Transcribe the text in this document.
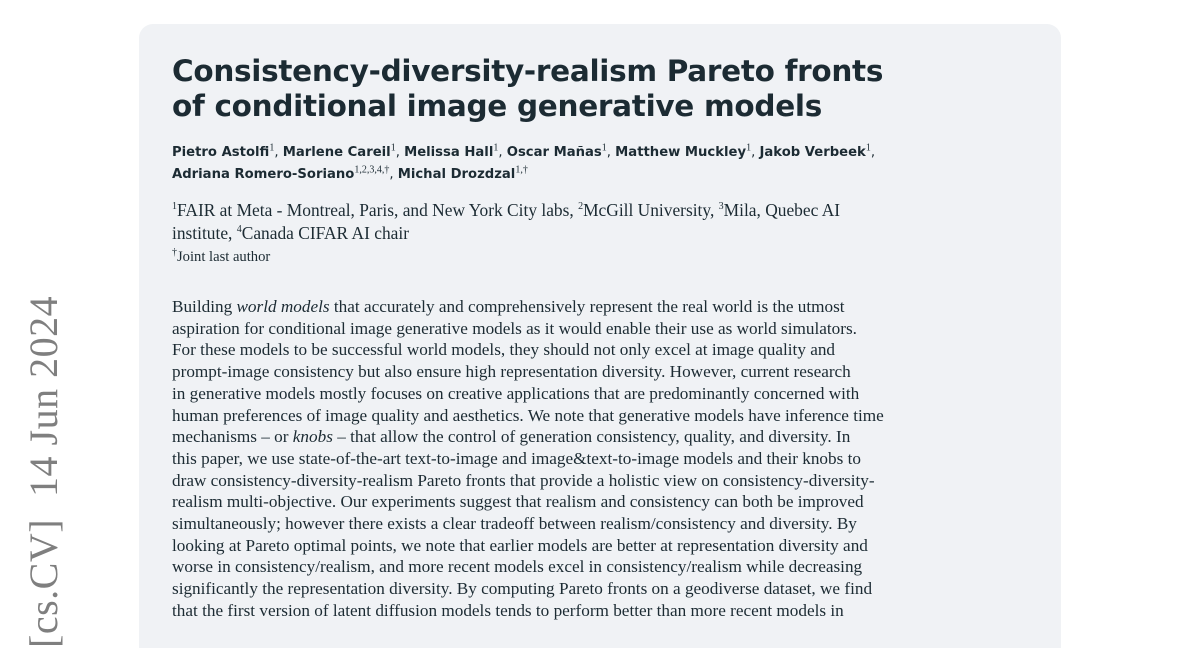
[cs.CV]14 Jun 2024
Consistency-diversity-realism Pareto fronts
of conditional image generative models
Pietro Astolfi$^1$, Marlene Careil$^1$, Melissa Hall$^1$, Oscar Mañas$^1$, Matthew Muckley$^1$, Jakob Verbeek$^1$,
Adriana Romero-Soriano$^{1,2,3,4,\dagger}$, Michal Drozdzal$^{1,\dagger}$
$^1$FAIR at Meta - Montreal, Paris, and New York City labs, $^2$McGill University, $^3$Mila, Quebec AI
institute, $^4$Canada CIFAR AI chair
†Joint last author
Building world models that accurately and comprehensively represent the real world is the utmost
aspiration for conditional image generative models as it would enable their use as world simulators.
For these models to be successful world models, they should not only excel at image quality and
prompt-image consistency but also ensure high representation diversity. However, current research
in generative models mostly focuses on creative applications that are predominantly concerned with
human preferences of image quality and aesthetics. We note that generative models have inference time
mechanisms – or knobs – that allow the control of generation consistency, quality, and diversity. In
this paper, we use state-of-the-art text-to-image and image&text-to-image models and their knobs to
draw consistency-diversity-realism Pareto fronts that provide a holistic view on consistency-diversity-
realism multi-objective. Our experiments suggest that realism and consistency can both be improved
simultaneously; however there exists a clear tradeoff between realism/consistency and diversity. By
looking at Pareto optimal points, we note that earlier models are better at representation diversity and
worse in consistency/realism, and more recent models excel in consistency/realism while decreasing
significantly the representation diversity. By computing Pareto fronts on a geodiverse dataset, we find
that the first version of latent diffusion models tends to perform better than more recent models in
